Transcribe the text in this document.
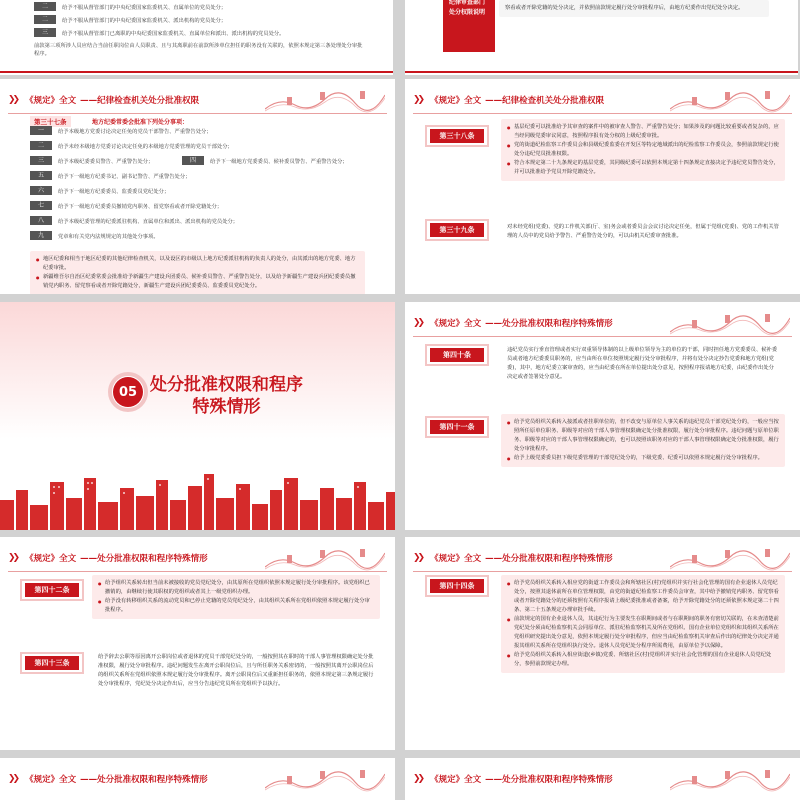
二	给予不服从督管部门的中央纪委国家监委机关、直属单位的党员处分；
二	给予不服从督管部门的中央纪委国家监委机关、派出机构的党员处分；
三	给予不服从督管部门已离职的中央纪委国家监委机关、直属单位和派出、派出机构的党员处分。
前款第三项所涉人员应结合当前任职岗位由人员职责、且与其离职前在前款所涉单位担任的职务没有关联的，依照本规定第三条处理处分审批程序。
纪律审查部门处分权限说明

察看或者开除党籍的处分决定，并依照前款规定履行处分审批程序后，由地方纪委作出党纪处分决定。

❯❯ 《规定》全文 ——纪律检查机关处分批准权限
第三十七条	地方纪委常委会批准下列处分事项：
一	给予本级地方党委讨论决定任免的党员干部警告、严重警告处分；
二	给予未经本级地方党委讨论决定任免的本级地方党委管理的党员干部处分；
三	给予本级纪委委员警告、严重警告处分；	四	给予下一级地方党委委员、候补委员警告、严重警告处分；
五	给予下一级地方纪委书记、副书记警告、严重警告处分；
六	给予下一级地方纪委委员、监委委员党纪处分；
七	给予下一级地方纪委委员撤销党内职务、留党察看或者开除党籍处分；
八	给予本级纪委管理的纪委派驻机构、直属单位和派出、派出机构的党员处分；
九	党章和有关党内法规规定的其他处分事项。

● 地区纪委和相当于地区纪委的其他纪律检查机关，以及设区的市级以上地方纪委派驻机构的负责人的处分，由其派出的地方党委、地方纪委审批。

● 新疆维吾尔自治区纪委常委会批准给予新疆生产建设兵团委员、候补委员警告、严重警告处分，以及给予新疆生产建设兵团纪委委员撤销党内职务、留党察看或者开除党籍处分，新疆生产建设兵团纪委委员、监委委员党纪处分。

❯❯ 《规定》全文 ——纪律检查机关处分批准权限
第三十八条

● 基层纪委可以批准给予其审查的案件中的被审查人警告、严重警告处分；如果涉及的问题比较重要或者复杂的，应当经同级党委审议同意，按照程序报有处分权的上级纪委审批。

● 党的街道纪检监察工作委员会和县级纪委监委在开发区等特定地域派出的纪检监察工作委员会，参照前款规定行使处分违纪党员批准权限。

● 符合本规定第二十九条规定的基层党委，其同级纪委可以依照本规定第十四条规定直接决定予违纪党员警告处分，并可以批准给予党员开除党籍处分。

第三十九条	对未经党组(党委)、党的工作机关部(厅、室)务会或者委员会会议讨论决定任免，但属于党组(党委)、党的工作机关管理的人员中的党员给予警告、严重警告处分的，可以由机关纪委审查批准。

05 处分批准权限和程序
特殊情形
❯❯ 《规定》全文 ——处分批准权限和程序特殊情形
第四十条

违纪党员实行垂直管理或者实行双重领导体制的以上级单位领导为主的单位的干部，同时担任地方党委委员、候补委员或者地方纪委委员职务的，应当由所在单位按照规定履行处分审批程序，并将有处分决定抄告党委和地方党组(党委)，其中，地方纪委立案审查的，应当由纪委在所在单位提出处分意见，按照程序报请地方纪委，由纪委作出处分决定或者签署处分意见。

第四十一条

● 给予党员组织关系转入接派或者挂职单位的，但不改变与原单位人事关系的违纪党员干部党纪处分的，一般应当按照所任原单位职务、职级等对应的干部人事管理权限确定处分批准权限，履行处分审批程序。违纪问题与原单位职务、职级等对应的干部人事管理权限确定的，也可以按照该职务对应的干部人事管理权限确定处分批准权限，履行处分审批程序。

● 给予上级党委委员担下级党委管理的干部党纪处分的，下级党委、纪委可以依照本规定履行处分审批程序。

❯❯ 《规定》全文 ——处分批准权限和程序特殊情形
第四十二条

● 给予组织关系转出但当前未被接收的党员党纪处分，由其原所在党组织依照本规定履行处分审批程序。该党组织已撤销的，由继续行使其职权的党组织或者其上一级党组织办理。

● 给予没有转移组织关系的流动党员和已停止党籍的党员党纪处分，由其组织关系所在党组织依照本规定履行处分审批程序。

第四十三条

给予辞去公职等原因离开公职岗位或者退休的党员干部党纪处分的，一般按照其在职时的干部人事管理权限确定处分批准权限，履行处分审批程序。违纪问题发生在离开公职岗位后，且与所任职务关系密切的，一般按照其离开公职岗位后的组织关系所在党组织依照本规定履行处分审批程序。离开公职岗位后又重新担任职务的，依照本规定第三条规定履行处分审批程序，党纪处分决定作出后，应当分告违纪党员所在党组织予以执行。

❯❯ 《规定》全文 ——处分批准权限和程序特殊情形
第四十四条

●	给予党员组织关系转入相应党的街道工作委员会和所辖社区(村)党组织并实行社会化管理的国有企业退休人员党纪处分，按照其退休前所在单位管理权限，由党的街道纪检监察工作委员会审查，其中给予撤销党内职务、留党察看或者开除党籍处分的还须按照有关程序报请上级纪委批准或者备案，给予开除党籍处分的还须依照本规定第二十四条、第二十五条规定办理审批手续。

● 前款规定的国有企业退休人员，其违纪行为主要发生在职期间或者与在职期间的职务有密切关联的，在未查清楚前党纪处分须由纪检监察机关会同原单位、派驻纪检监察机关及所在党组织、国有企业单位党组织和其组织关系所在党组织研究提出处分意见，依照本规定履行处分审批程序，但应当由纪检监察机关审查后作出的纪律处分决定并通报其组织关系所在党组织执行处分。退休人员党纪处分程序所需费用，由原单位予以保障。

● 给予党员组织关系转入相应街道(乡镇)党委、所辖社区(村)党组织并实行社会化管理的国有企业退休人员党纪处分，参照前款规定办理。

❯❯ 《规定》全文 ——处分批准权限和程序特殊情形	❯❯ 《规定》全文 ——处分批准权限和程序特殊情形
